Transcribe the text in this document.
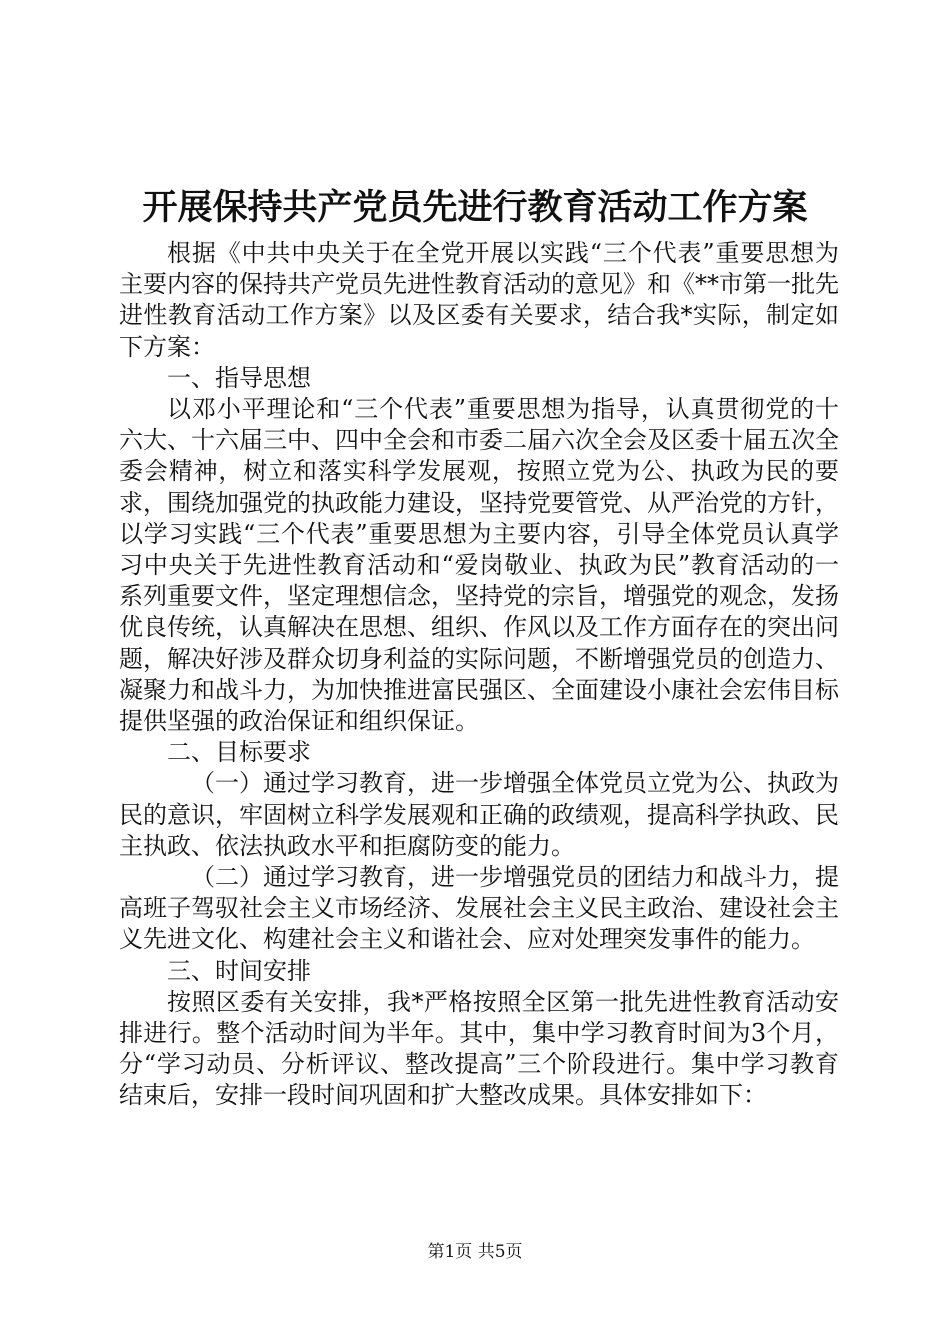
开展保持共产党员先进行教育活动工作方案

根据《中共中央关于在全党开展以实践“三个代表”重要思想为主要内容的保持共产党员先进性教育活动的意见》和《**市第一批先进性教育活动工作方案》以及区委有关要求，结合我*实际，制定如下方案：

一、指导思想

以邓小平理论和“三个代表”重要思想为指导，认真贯彻党的十六大、十六届三中、四中全会和市委二届六次全会及区委十届五次全委会精神，树立和落实科学发展观，按照立党为公、执政为民的要求，围绕加强党的执政能力建设，坚持党要管党、从严治党的方针，以学习实践“三个代表”重要思想为主要内容，引导全体党员认真学习中央关于先进性教育活动和“爱岗敬业、执政为民”教育活动的一系列重要文件，坚定理想信念，坚持党的宗旨，增强党的观念，发扬优良传统，认真解决在思想、组织、作风以及工作方面存在的突出问题，解决好涉及群众切身利益的实际问题，不断增强党员的创造力、凝聚力和战斗力，为加快推进富民强区、全面建设小康社会宏伟目标提供坚强的政治保证和组织保证。

二、目标要求

（一）通过学习教育，进一步增强全体党员立党为公、执政为民的意识，牢固树立科学发展观和正确的政绩观，提高科学执政、民主执政、依法执政水平和拒腐防变的能力。

（二）通过学习教育，进一步增强党员的团结力和战斗力，提高班子驾驭社会主义市场经济、发展社会主义民主政治、建设社会主义先进文化、构建社会主义和谐社会、应对处理突发事件的能力。

三、时间安排

按照区委有关安排，我*严格按照全区第一批先进性教育活动安排进行。整个活动时间为半年。其中，集中学习教育时间为3个月，分“学习动员、分析评议、整改提高”三个阶段进行。集中学习教育结束后，安排一段时间巩固和扩大整改成果。具体安排如下：

第1页 共5页
